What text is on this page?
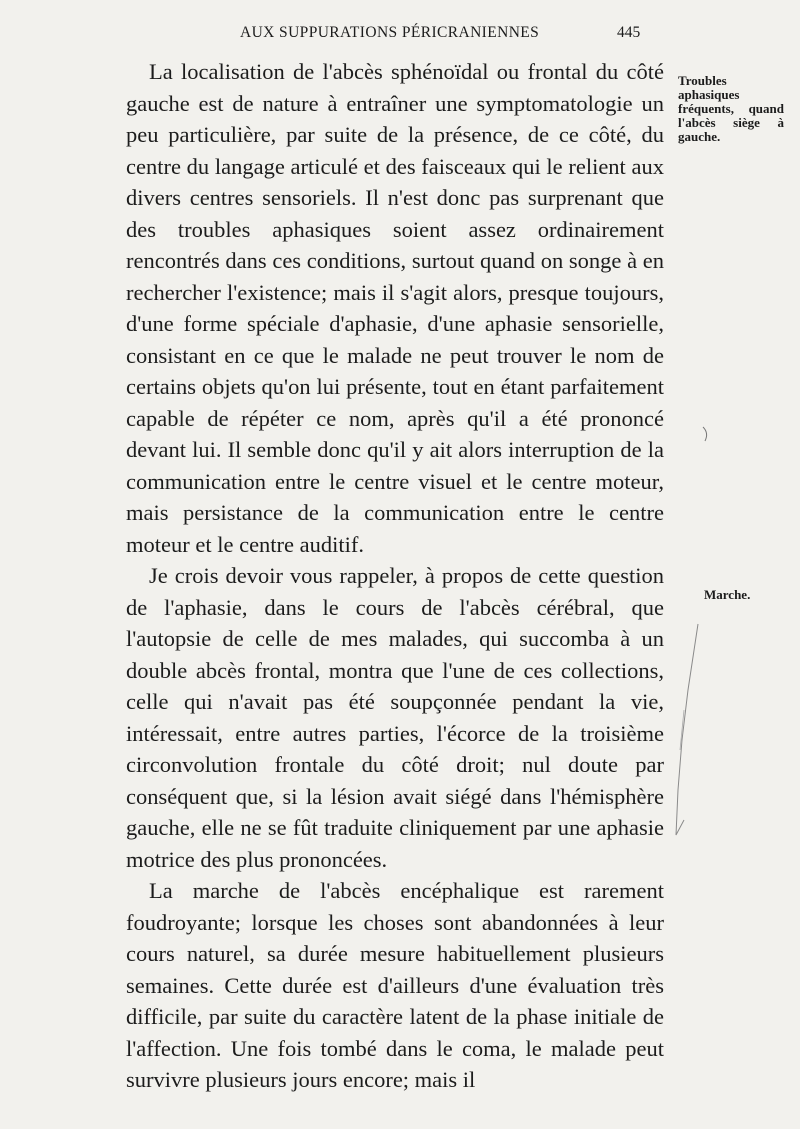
AUX SUPPURATIONS PÉRICRANIENNES	445
Troubles aphasiques fréquents, quand l'abcès siège à gauche.
Marche.

La localisation de l'abcès sphénoïdal ou frontal du côté gauche est de nature à entraîner une symptomatologie un peu particulière, par suite de la présence, de ce côté, du centre du langage articulé et des faisceaux qui le relient aux divers centres sensoriels. Il n'est donc pas surprenant que des troubles aphasiques soient assez ordinairement rencontrés dans ces conditions, surtout quand on songe à en rechercher l'existence; mais il s'agit alors, presque toujours, d'une forme spéciale d'aphasie, d'une aphasie sensorielle, consistant en ce que le malade ne peut trouver le nom de certains objets qu'on lui présente, tout en étant parfaitement capable de répéter ce nom, après qu'il a été prononcé devant lui. Il semble donc qu'il y ait alors interruption de la communication entre le centre visuel et le centre moteur, mais persistance de la communication entre le centre moteur et le centre auditif.

Je crois devoir vous rappeler, à propos de cette question de l'aphasie, dans le cours de l'abcès cérébral, que l'autopsie de celle de mes malades, qui succomba à un double abcès frontal, montra que l'une de ces collections, celle qui n'avait pas été soupçonnée pendant la vie, intéressait, entre autres parties, l'écorce de la troisième circonvolution frontale du côté droit; nul doute par conséquent que, si la lésion avait siégé dans l'hémisphère gauche, elle ne se fût traduite cliniquement par une aphasie motrice des plus prononcées.

La marche de l'abcès encéphalique est rarement foudroyante; lorsque les choses sont abandonnées à leur cours naturel, sa durée mesure habituellement plusieurs semaines. Cette durée est d'ailleurs d'une évaluation très difficile, par suite du caractère latent de la phase initiale de l'affection. Une fois tombé dans le coma, le malade peut survivre plusieurs jours encore; mais il
